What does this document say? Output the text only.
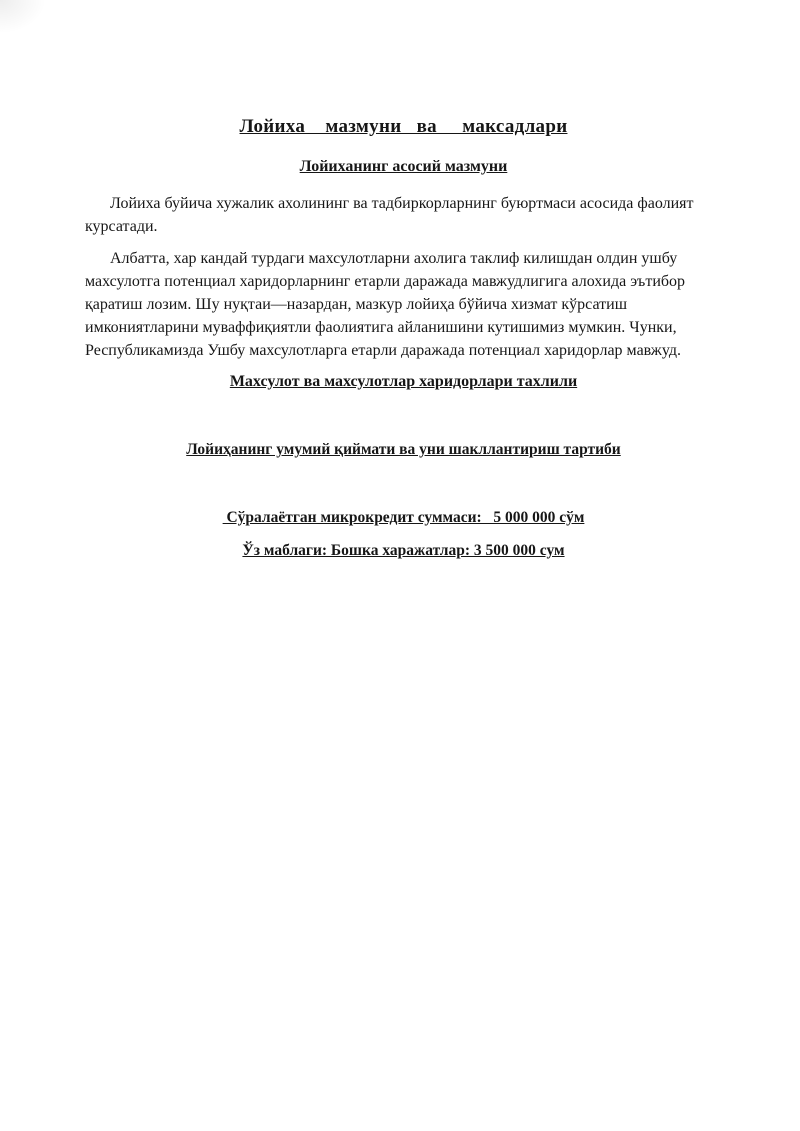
Лойиха    мазмуни   ва     максадлари
Лойиханинг асосий мазмуни

Лойиха буйича хужалик ахолининг ва тадбиркорларнинг буюртмаси асосида фаолият курсатади.

Албатта, хар кандай турдаги махсулотларни ахолига таклиф килишдан олдин ушбу махсулотга потенциал харидорларнинг етарли даражада мавжудлигига алохида эътибор қаратиш лозим. Шу нуқтаи—назардан, мазкур лойиҳа бўйича хизмат кўрсатиш имкониятларини муваффиқиятли фаолиятига айланишини кутишимиз мумкин. Чунки, Республикамизда Ушбу махсулотларга етарли даражада потенциал харидорлар мавжуд.

Махсулот ва махсулотлар харидорлари тахлили
Лойиҳанинг умумий қиймати ва уни шакллантириш тартиби

Сўралаётган микрокредит суммаси:   5 000 000 сўм

Ўз маблаги: Бошка харажатлар: 3 500 000 сум
